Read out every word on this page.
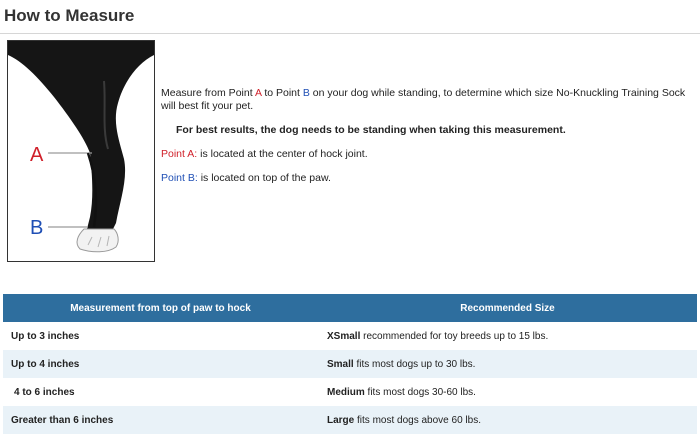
How to Measure
A
B

Measure from Point A to Point B on your dog while standing, to determine which size No-Knuckling Training Sock will best fit your pet.

For best results, the dog needs to be standing when taking this measurement.

Point A: is located at the center of hock joint.

Point B: is located on top of the paw.

Measurement from top of paw to hock	Recommended Size
Up to 3 inches	XSmall recommended for toy breeds up to 15 lbs.
Up to 4 inches	Small fits most dogs up to 30 lbs.
4 to 6 inches	Medium fits most dogs 30-60 lbs.
Greater than 6 inches	Large fits most dogs above 60 lbs.
